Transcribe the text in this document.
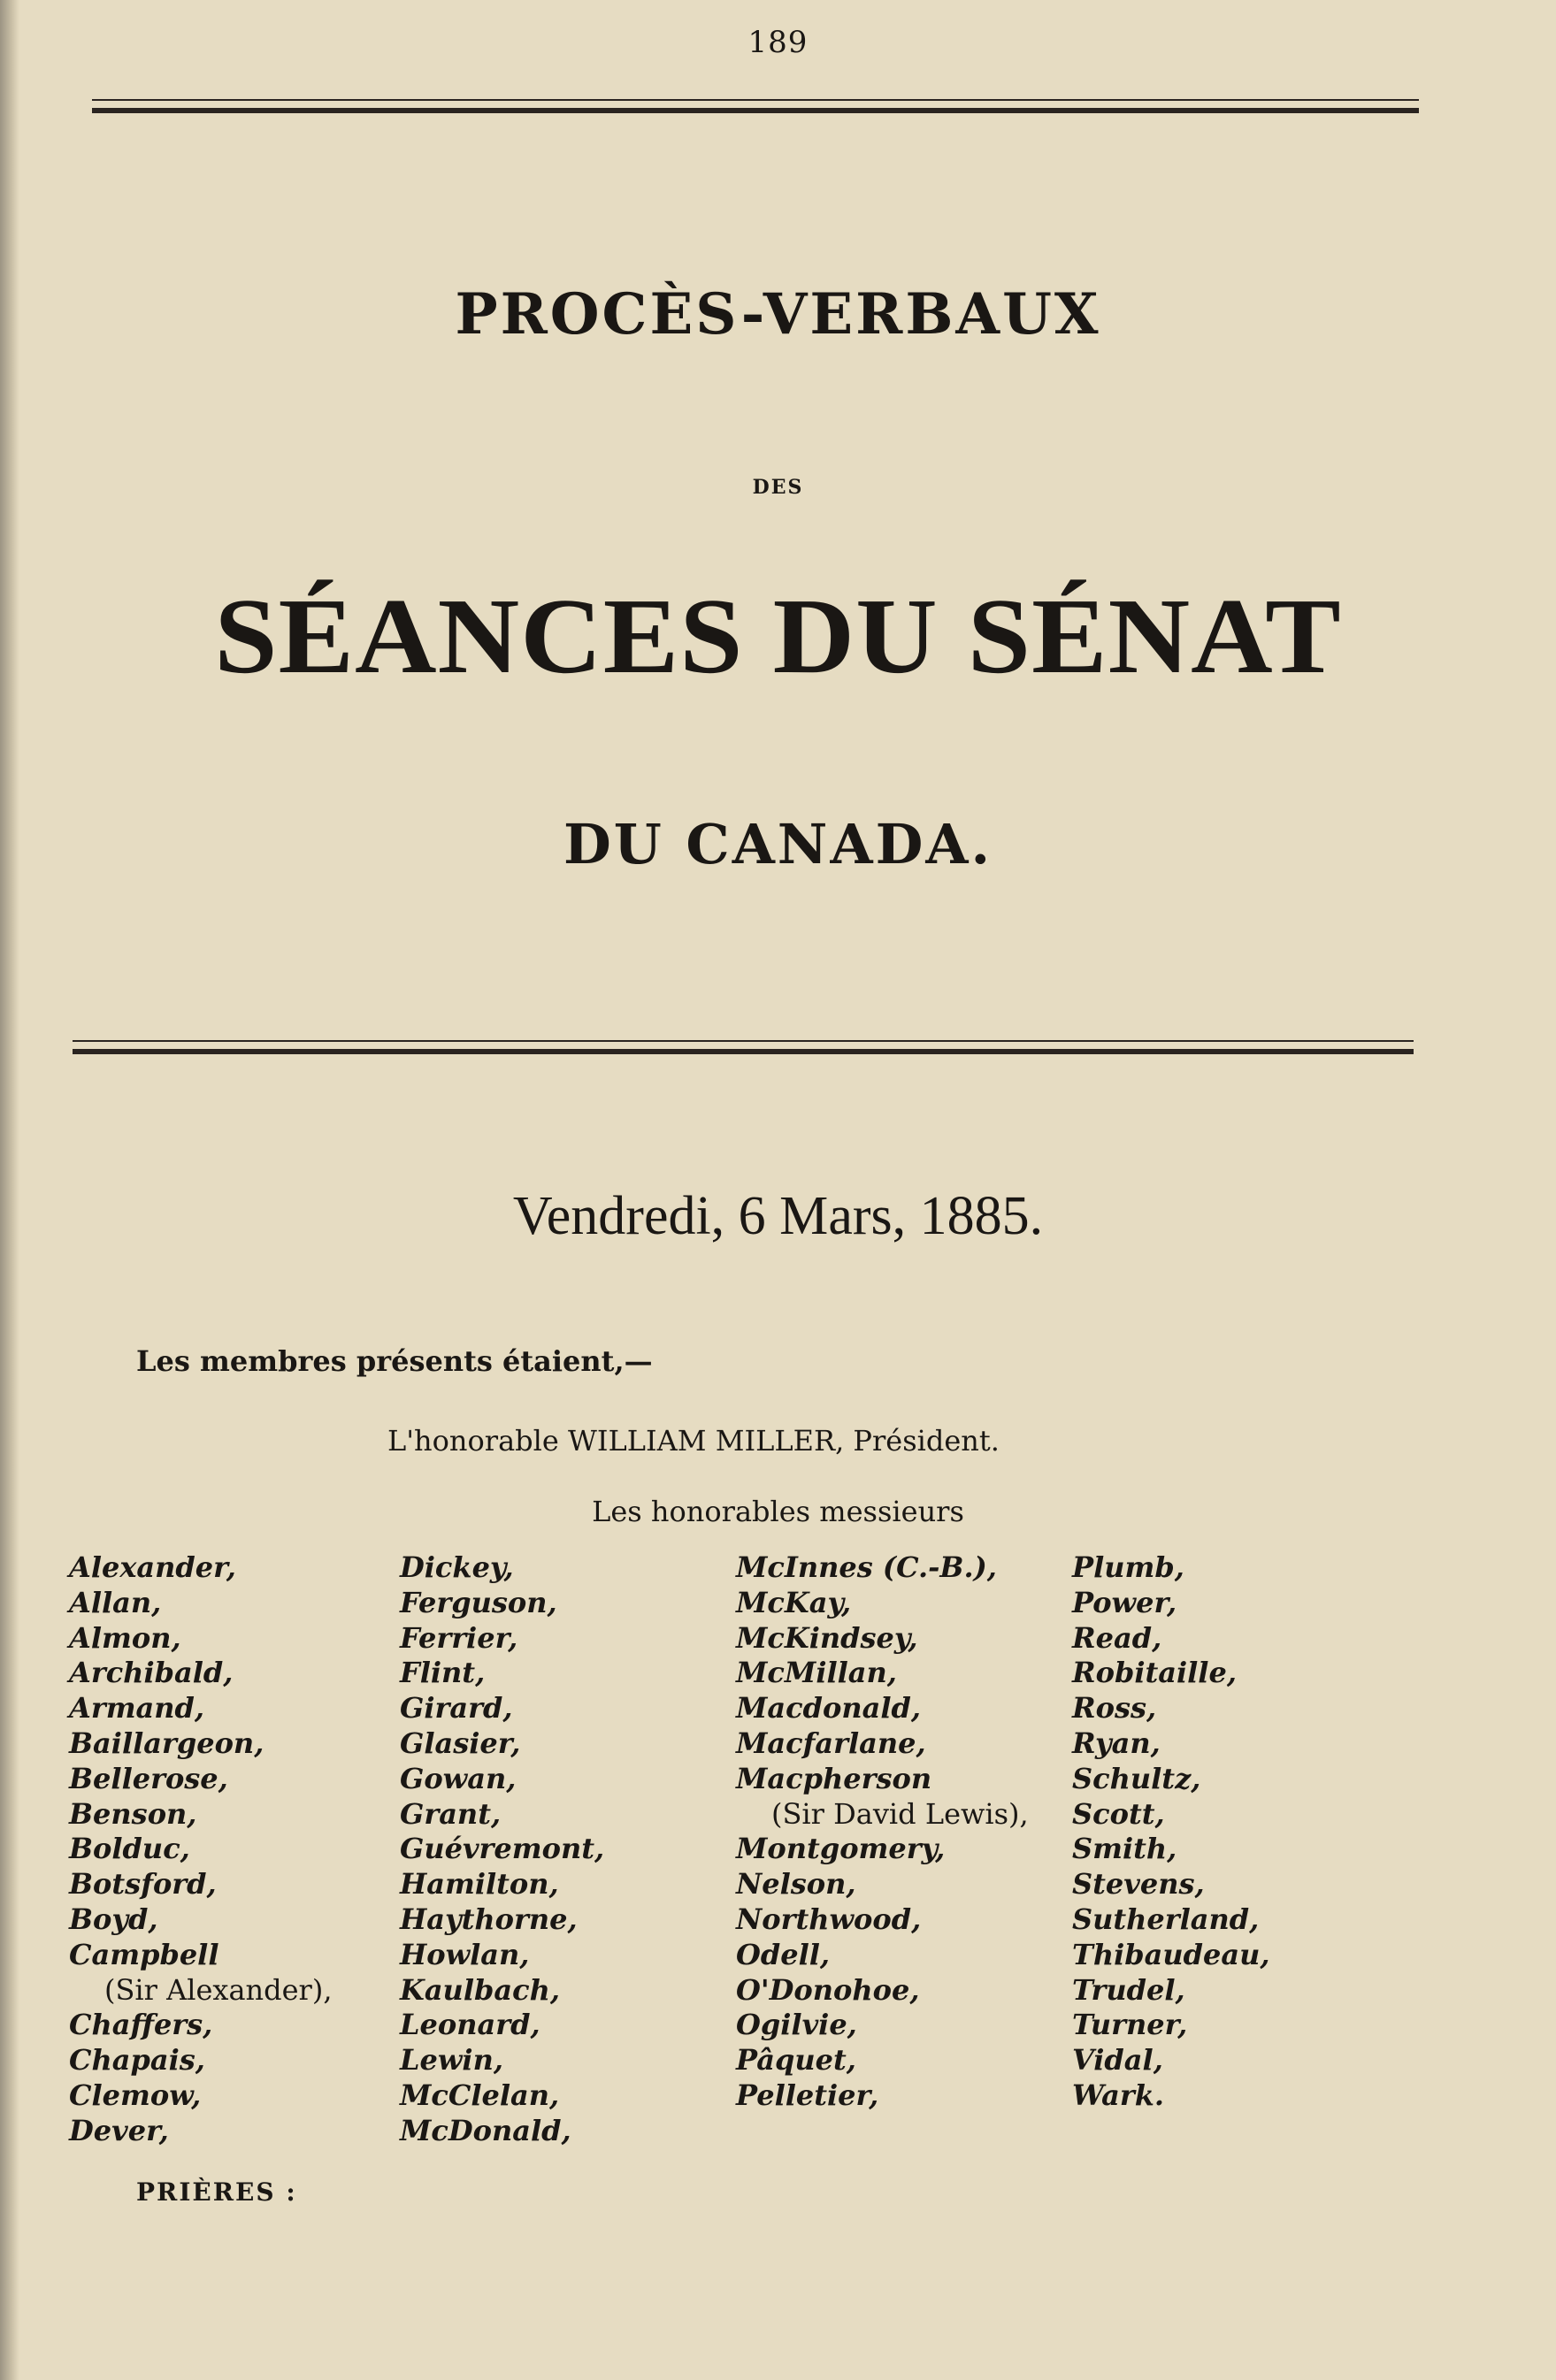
189
PROCÈS-VERBAUX
DES
SÉANCES DU SÉNAT
DU CANADA.
Vendredi, 6 Mars, 1885.
Les membres présents étaient,—
L'honorable WILLIAM MILLER, Président.
Les honorables messieurs
Alexander,
Allan,
Almon,
Archibald,
Armand,
Baillargeon,
Bellerose,
Benson,
Bolduc,
Botsford,
Boyd,
Campbell
(Sir Alexander),
Chaffers,
Chapais,
Clemow,
Dever,
Dickey,
Ferguson,
Ferrier,
Flint,
Girard,
Glasier,
Gowan,
Grant,
Guévremont,
Hamilton,
Haythorne,
Howlan,
Kaulbach,
Leonard,
Lewin,
McClelan,
McDonald,
McInnes (C.-B.),
McKay,
McKindsey,
McMillan,
Macdonald,
Macfarlane,
Macpherson
(Sir David Lewis),
Montgomery,
Nelson,
Northwood,
Odell,
O'Donohoe,
Ogilvie,
Pâquet,
Pelletier,
Plumb,
Power,
Read,
Robitaille,
Ross,
Ryan,
Schultz,
Scott,
Smith,
Stevens,
Sutherland,
Thibaudeau,
Trudel,
Turner,
Vidal,
Wark.
PRIÈRES :
